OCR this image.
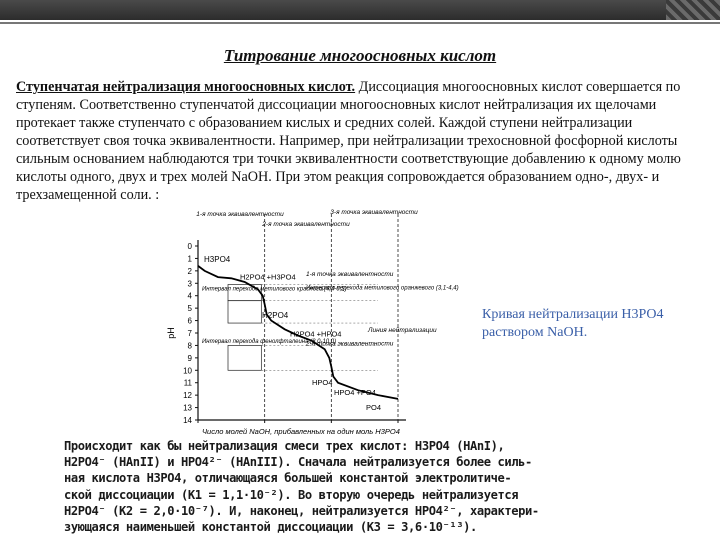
Титрование многоосновных кислот
Ступенчатая нейтрализация многоосновных кислот. Диссоциация многоосновных кислот совершается по ступеням. Соответственно ступенчатой диссоциации многоосновных кислот нейтрализация их щелочами протекает также ступенчато с образованием кислых и средних солей. Каждой ступени нейтрализации соответствует своя точка эквивалентности. Например, при нейтрализации трехосновной фосфорной кислоты сильным основанием наблюдаются три точки эквивалентности соответствующие добавлению к одному молю кислоты одного, двух и трех молей NaOH. При этом реакция сопровождается образованием одно-, двух- и трехзамещенной соли. :
pH
0
1
2
3
4
5
6
7
8
9
10
11
12
13
14
Число молей NaOH, прибавленных на один моль H3PO4
1-я точка эквивалентности
2-я точка эквивалентности
3-я точка эквивалентности
H3PO4
H2PO4 +H3PO4 1-я точка эквивалентности
Интервал перехода метилового оранжевого (3,1-4,4)
Интервал перехода метилового красного (4,4-6,2)
H2PO4
H2PO4 +HPO4	Линия нейтрализации
2-я точка эквивалентности
Интервал перехода фенолфталеина (8,0-10,0)
HPO4
HPO4 +PO4
PO4
Кривая нейтрализации H3PO4 раствором NaOH.
Происходит как бы нейтрализация смеси трех кислот: H3PO4 (HAnI),
H2PO4⁻ (HAnII) и HPO4²⁻ (HAnIII). Сначала нейтрализуется более силь-
ная кислота H3PO4, отличающаяся большей константой электролитиче-
ской диссоциации (K1 = 1,1·10⁻²). Во вторую очередь нейтрализуется
H2PO4⁻ (K2 = 2,0·10⁻⁷). И, наконец, нейтрализуется HPO4²⁻, характери-
зующаяся наименьшей константой диссоциации (K3 = 3,6·10⁻¹³).
